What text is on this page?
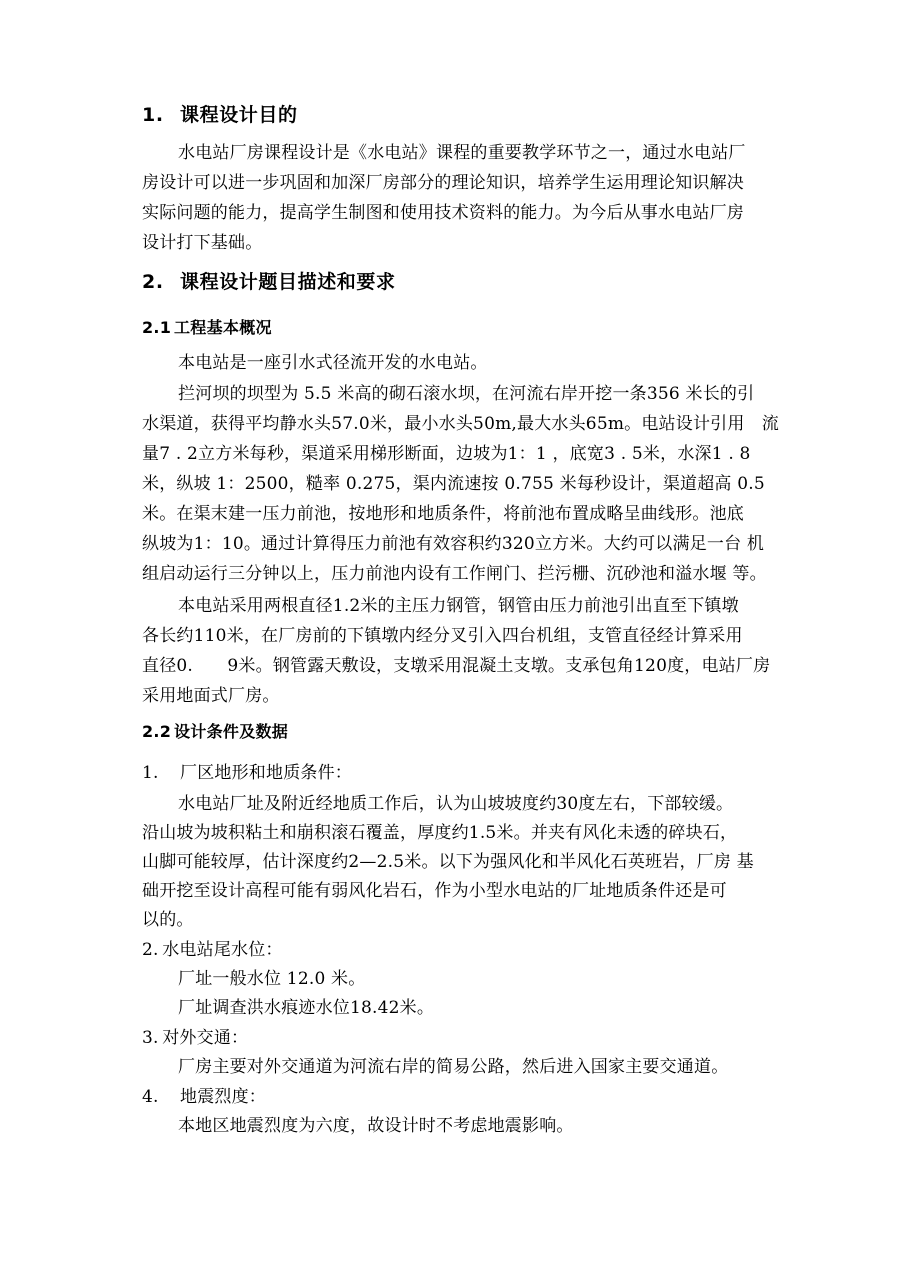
1. 课程设计目的
水电站厂房课程设计是《水电站》课程的重要教学环节之一，通过水电站厂
房设计可以进一步巩固和加深厂房部分的理论知识，培养学生运用理论知识解决
实际问题的能力，提高学生制图和使用技术资料的能力。为今后从事水电站厂房
设计打下基础。
2. 课程设计题目描述和要求
2.1 工程基本概况
本电站是一座引水式径流开发的水电站。
拦河坝的坝型为 5.5 米高的砌石滚水坝，在河流右岸开挖一条356 米长的引
水渠道，获得平均静水头57.0米，最小水头50m,最大水头65m。电站设计引用　流
量7 . 2立方米每秒，渠道采用梯形断面，边坡为1：1 ，底宽3 . 5米，水深1 . 8
米，纵坡 1：2500，糙率 0.275，渠内流速按 0.755 米每秒设计，渠道超高 0.5
米。在渠末建一压力前池，按地形和地质条件，将前池布置成略呈曲线形。池底
纵坡为1：10。通过计算得压力前池有效容积约320立方米。大约可以满足一台 机
组启动运行三分钟以上，压力前池内设有工作闸门、拦污栅、沉砂池和溢水堰 等。
本电站采用两根直径1.2米的主压力钢管，钢管由压力前池引出直至下镇墩
各长约110米，在厂房前的下镇墩内经分叉引入四台机组，支管直径经计算采用
直径0.　　9米。钢管露天敷设，支墩采用混凝土支墩。支承包角120度，电站厂房
采用地面式厂房。
2.2 设计条件及数据
1. 厂区地形和地质条件：
水电站厂址及附近经地质工作后，认为山坡坡度约30度左右，下部较缓。
沿山坡为坡积粘土和崩积滚石覆盖，厚度约1.5米。并夹有风化未透的碎块石，
山脚可能较厚，估计深度约2—2.5米。以下为强风化和半风化石英班岩，厂房 基
础开挖至设计高程可能有弱风化岩石，作为小型水电站的厂址地质条件还是可
以的。
2.  水电站尾水位：
厂址一般水位 12.0 米。
厂址调查洪水痕迹水位18.42米。
3.  对外交通：
厂房主要对外交通道为河流右岸的简易公路，然后进入国家主要交通道。
4. 地震烈度：
本地区地震烈度为六度，故设计时不考虑地震影响。
